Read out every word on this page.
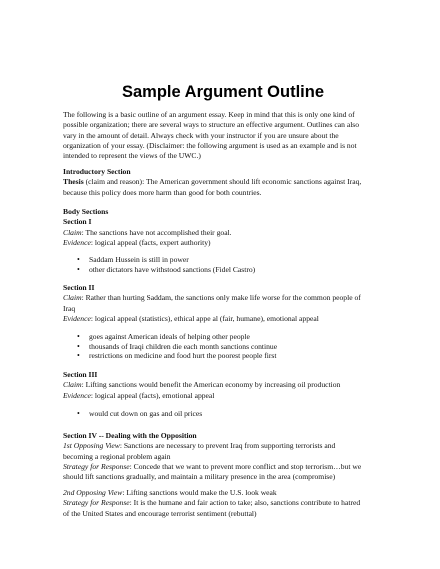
Sample Argument Outline
The following is a basic outline of an argument essay. Keep in mind that this is only one kind of
possible organization; there are several ways to structure an effective argument. Outlines can also
vary in the amount of detail. Always check with your instructor if you are unsure about the
organization of your essay. (Disclaimer: the following argument is used as an example and is not
intended to represent the views of the UWC.)
Introductory Section
Thesis (claim and reason): The American government should lift economic sanctions against Iraq,
because this policy does more harm than good for both countries.
Body Sections
Section I
Claim: The sanctions have not accomplished their goal.
Evidence: logical appeal (facts, expert authority)
• Saddam Hussein is still in power
• other dictators have withstood sanctions (Fidel Castro)
Section II
Claim: Rather than hurting Saddam, the sanctions only make life worse for the common people of
Iraq
Evidence: logical appeal (statistics), ethical appe al (fair, humane), emotional appeal
• goes against American ideals of helping other people
• thousands of Iraqi children die each month sanctions continue
• restrictions on medicine and food hurt the poorest people first
Section III
Claim: Lifting sanctions would benefit the American economy by increasing oil production
Evidence: logical appeal (facts), emotional appeal
• would cut down on gas and oil prices
Section IV -- Dealing with the Opposition
1st Opposing View: Sanctions are necessary to prevent Iraq from supporting terrorists and
becoming a regional problem again
Strategy for Response: Concede that we want to prevent more conflict and stop terrorism…but we
should lift sanctions gradually, and maintain a military presence in the area (compromise)
2nd Opposing View: Lifting sanctions would make the U.S. look weak
Strategy for Response: It is the humane and fair action to take; also, sanctions contribute to hatred
of the United States and encourage terrorist sentiment (rebuttal)
